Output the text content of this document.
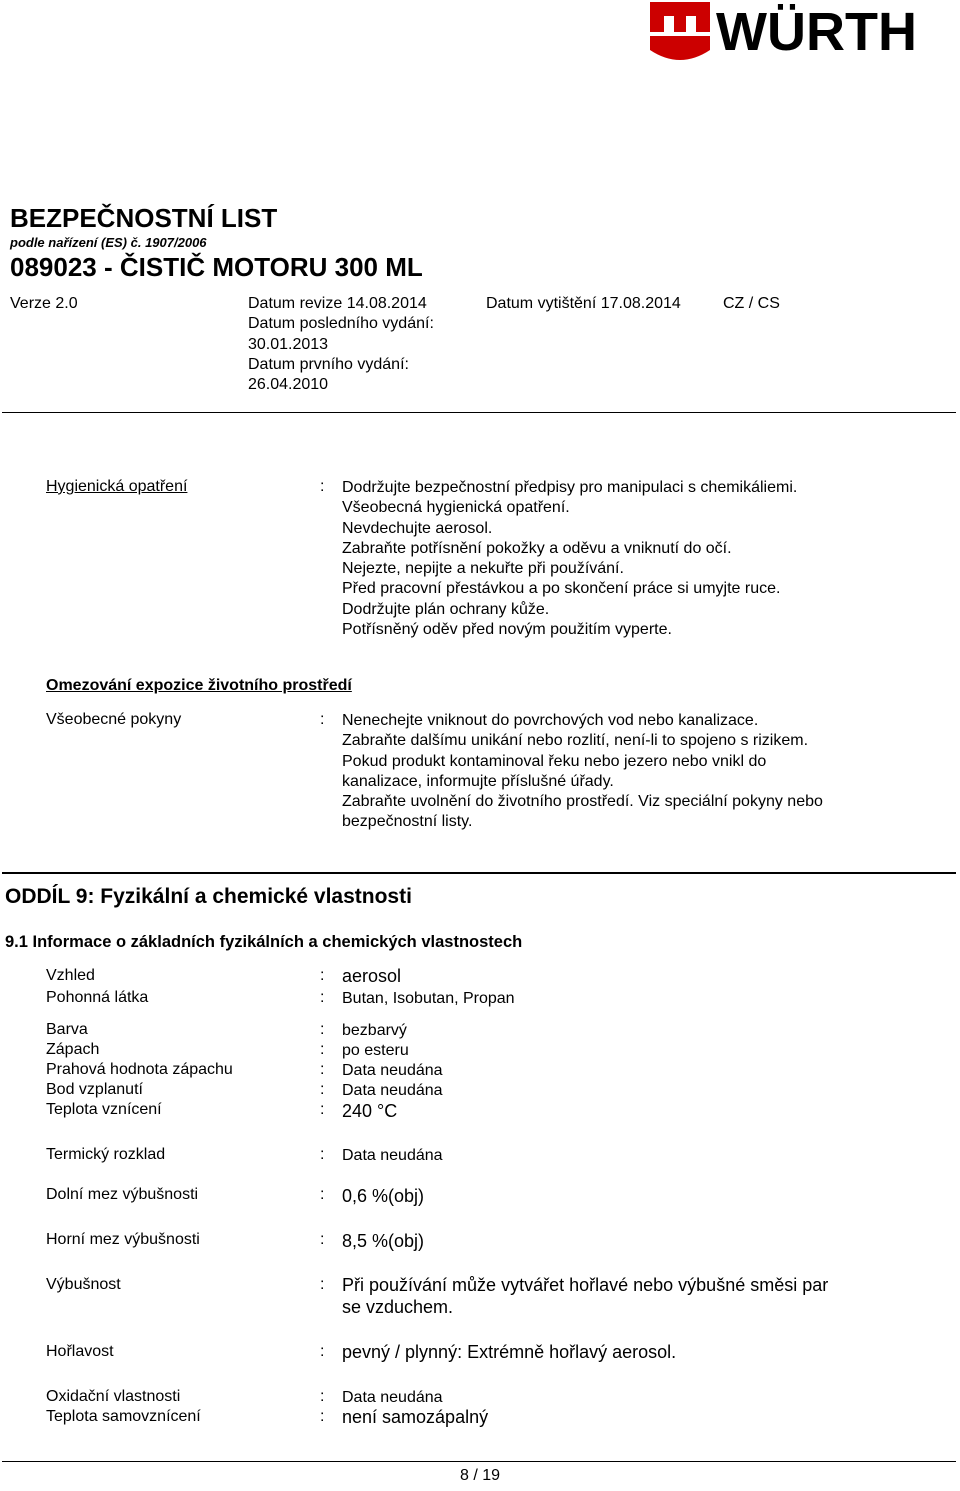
WÜRTH
BEZPEČNOSTNÍ LIST
podle nařízení (ES) č. 1907/2006
089023 - ČISTIČ MOTORU 300 ML
Verze 2.0	Datum revize 14.08.2014
Datum posledního vydání:
30.01.2013
Datum prvního vydání:
26.04.2010
Datum vytištění 17.08.2014	CZ / CS
Hygienická opatření	: Dodržujte bezpečnostní předpisy pro manipulaci s chemikáliemi.
Všeobecná hygienická opatření.
Nevdechujte aerosol.
Zabraňte potřísnění pokožky a oděvu a vniknutí do očí.
Nejezte, nepijte a nekuřte při používání.
Před pracovní přestávkou a po skončení práce si umyjte ruce.
Dodržujte plán ochrany kůže.
Potřísněný oděv před novým použitím vyperte.
Omezování expozice životního prostředí
Všeobecné pokyny	: Nenechejte vniknout do povrchových vod nebo kanalizace.
Zabraňte dalšímu unikání nebo rozlití, není-li to spojeno s rizikem.
Pokud produkt kontaminoval řeku nebo jezero nebo vnikl do
kanalizace, informujte příslušné úřady.
Zabraňte uvolnění do životního prostředí. Viz speciální pokyny nebo
bezpečnostní listy.
ODDÍL 9: Fyzikální a chemické vlastnosti
9.1 Informace o základních fyzikálních a chemických vlastnostech
Vzhled	: aerosol
Pohonná látka	: Butan, Isobutan, Propan
Barva	: bezbarvý
Zápach	: po esteru
Prahová hodnota zápachu	: Data neudána
Bod vzplanutí	: Data neudána
Teplota vznícení	: 240 °C
Termický rozklad	: Data neudána
Dolní mez výbušnosti	: 0,6 %(obj)
Horní mez výbušnosti	: 8,5 %(obj)
Výbušnost	: Při používání může vytvářet hořlavé nebo výbušné směsi par
se vzduchem.
Hořlavost	: pevný / plynný: Extrémně hořlavý aerosol.
Oxidační vlastnosti	: Data neudána
Teplota samovznícení	: není samozápalný
8 / 19
